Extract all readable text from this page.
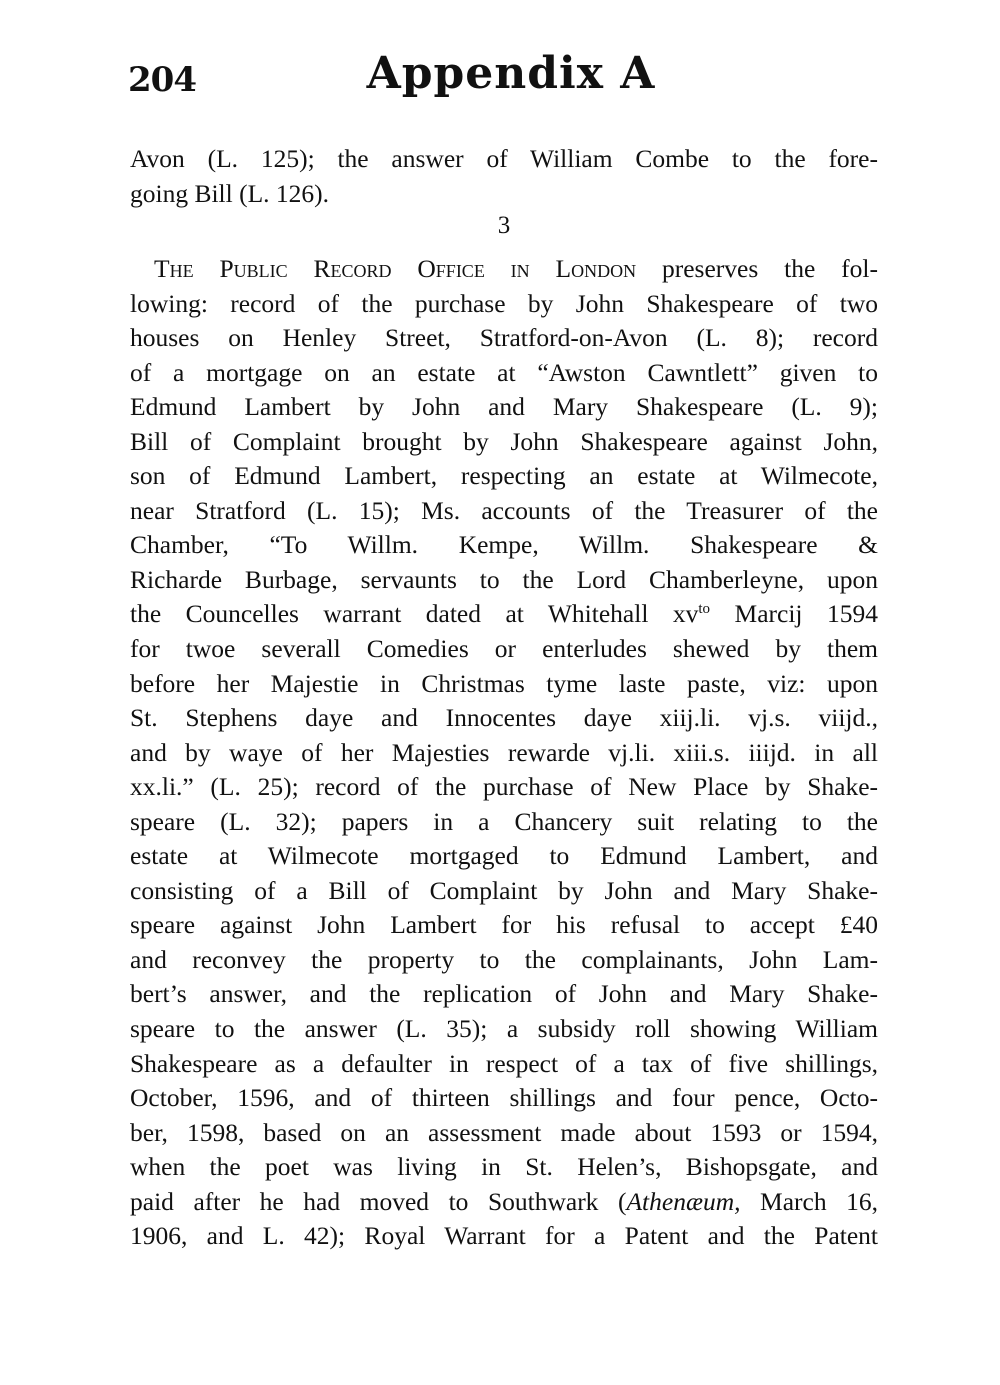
204	Appendix A
Avon (L. 125); the answer of William Combe to the fore-
going Bill (L. 126).
3
The Public Record Office in London preserves the fol-
lowing: record of the purchase by John Shakespeare of two
houses on Henley Street, Stratford-on-Avon (L. 8); record
of a mortgage on an estate at “Awston Cawntlett” given to
Edmund Lambert by John and Mary Shakespeare (L. 9);
Bill of Complaint brought by John Shakespeare against John,
son of Edmund Lambert, respecting an estate at Wilmecote,
near Stratford (L. 15); Ms. accounts of the Treasurer of the
Chamber, “To Willm. Kempe, Willm. Shakespeare &
Richarde Burbage, servaunts to the Lord Chamberleyne, upon
the Councelles warrant dated at Whitehall $xv^{to}$ Marcij 1594
for twoe severall Comedies or enterludes shewed by them
before her Majestie in Christmas tyme laste paste, viz: upon
St. Stephens daye and Innocentes daye xiij.li. vj.s. viijd.,
and by waye of her Majesties rewarde vj.li. xiii.s. iiijd. in all
xx.li.” (L. 25); record of the purchase of New Place by Shake-
speare (L. 32); papers in a Chancery suit relating to the
estate at Wilmecote mortgaged to Edmund Lambert, and
consisting of a Bill of Complaint by John and Mary Shake-
speare against John Lambert for his refusal to accept £40
and reconvey the property to the complainants, John Lam-
bert’s answer, and the replication of John and Mary Shake-
speare to the answer (L. 35); a subsidy roll showing William
Shakespeare as a defaulter in respect of a tax of five shillings,
October, 1596, and of thirteen shillings and four pence, Octo-
ber, 1598, based on an assessment made about 1593 or 1594,
when the poet was living in St. Helen’s, Bishopsgate, and
paid after he had moved to Southwark (Athenæum, March 16,
1906, and L. 42); Royal Warrant for a Patent and the Patent
